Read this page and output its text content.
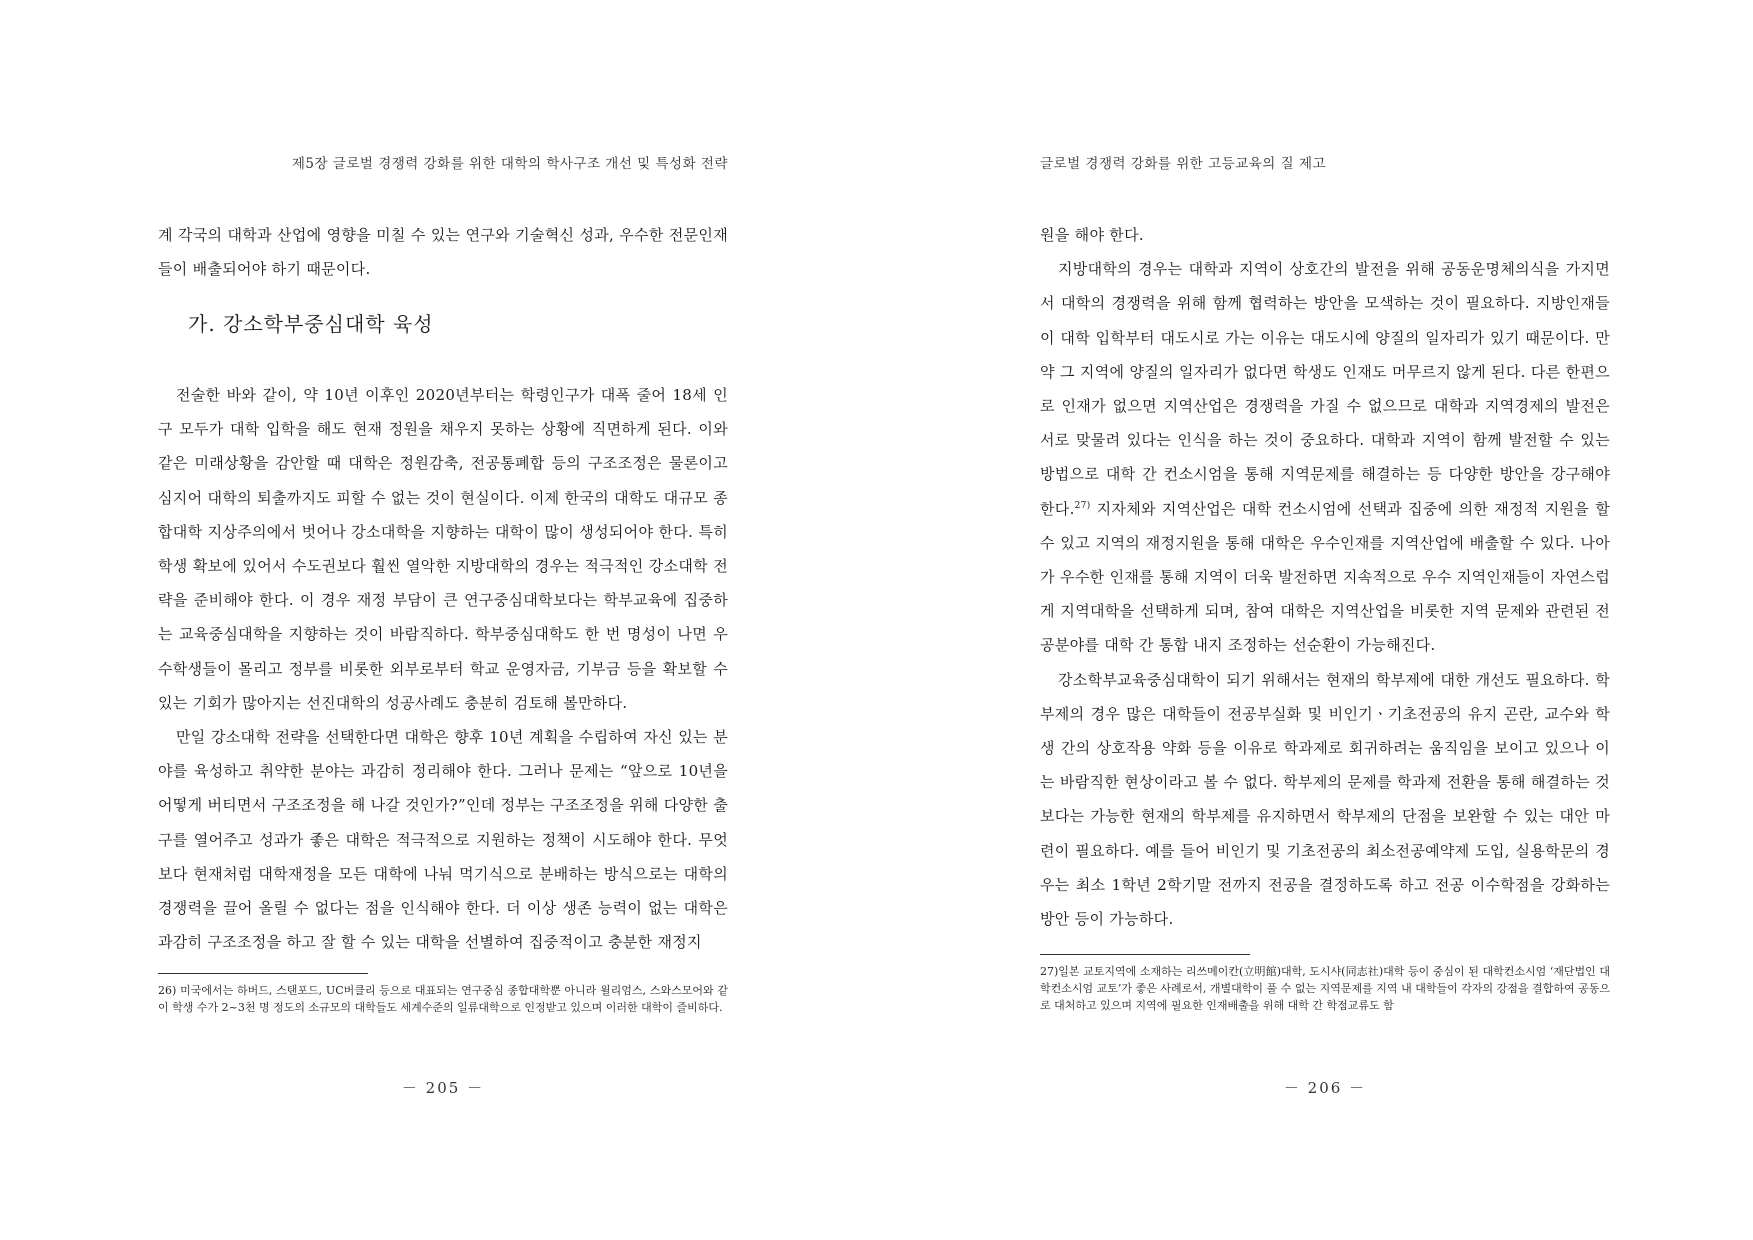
제5장 글로벌 경쟁력 강화를 위한 대학의 학사구조 개선 및 특성화 전략

계 각국의 대학과 산업에 영향을 미칠 수 있는 연구와 기술혁신 성과, 우수한 전문인재들이 배출되어야 하기 때문이다.

가. 강소학부중심대학 육성

전술한 바와 같이, 약 10년 이후인 2020년부터는 학령인구가 대폭 줄어 18세 인구 모두가 대학 입학을 해도 현재 정원을 채우지 못하는 상황에 직면하게 된다. 이와 같은 미래상황을 감안할 때 대학은 정원감축, 전공통폐합 등의 구조조정은 물론이고 심지어 대학의 퇴출까지도 피할 수 없는 것이 현실이다. 이제 한국의 대학도 대규모 종합대학 지상주의에서 벗어나 강소대학을 지향하는 대학이 많이 생성되어야 한다. 특히 학생 확보에 있어서 수도권보다 훨씬 열악한 지방대학의 경우는 적극적인 강소대학 전략을 준비해야 한다. 이 경우 재정 부담이 큰 연구중심대학보다는 학부교육에 집중하는 교육중심대학을 지향하는 것이 바람직하다. 학부중심대학도 한 번 명성이 나면 우수학생들이 몰리고 정부를 비롯한 외부로부터 학교 운영자금, 기부금 등을 확보할 수 있는 기회가 많아지는 선진대학의 성공사례도 충분히 검토해 볼만하다.

만일 강소대학 전략을 선택한다면 대학은 향후 10년 계획을 수립하여 자신 있는 분야를 육성하고 취약한 분야는 과감히 정리해야 한다. 그러나 문제는 “앞으로 10년을 어떻게 버티면서 구조조정을 해 나갈 것인가?”인데 정부는 구조조정을 위해 다양한 출구를 열어주고 성과가 좋은 대학은 적극적으로 지원하는 정책이 시도해야 한다. 무엇보다 현재처럼 대학재정을 모든 대학에 나눠 먹기식으로 분배하는 방식으로는 대학의 경쟁력을 끌어 올릴 수 없다는 점을 인식해야 한다. 더 이상 생존 능력이 없는 대학은 과감히 구조조정을 하고 잘 할 수 있는 대학을 선별하여 집중적이고 충분한 재정지

26) 미국에서는 하버드, 스탠포드, UC버클리 등으로 대표되는 연구중심 종합대학뿐 아니라 윌리엄스, 스와스모어와 같이 학생 수가 2~3천 명 정도의 소규모의 대학들도 세계수준의 일류대학으로 인정받고 있으며 이러한 대학이 즐비하다.

－ 205 －
글로벌 경쟁력 강화를 위한 고등교육의 질 제고

원을 해야 한다.

지방대학의 경우는 대학과 지역이 상호간의 발전을 위해 공동운명체의식을 가지면서 대학의 경쟁력을 위해 함께 협력하는 방안을 모색하는 것이 필요하다. 지방인재들이 대학 입학부터 대도시로 가는 이유는 대도시에 양질의 일자리가 있기 때문이다. 만약 그 지역에 양질의 일자리가 없다면 학생도 인재도 머무르지 않게 된다. 다른 한편으로 인재가 없으면 지역산업은 경쟁력을 가질 수 없으므로 대학과 지역경제의 발전은 서로 맞물려 있다는 인식을 하는 것이 중요하다. 대학과 지역이 함께 발전할 수 있는 방법으로 대학 간 컨소시엄을 통해 지역문제를 해결하는 등 다양한 방안을 강구해야 한다.$^{27)}$ 지자체와 지역산업은 대학 컨소시엄에 선택과 집중에 의한 재정적 지원을 할 수 있고 지역의 재정지원을 통해 대학은 우수인재를 지역산업에 배출할 수 있다. 나아가 우수한 인재를 통해 지역이 더욱 발전하면 지속적으로 우수 지역인재들이 자연스럽게 지역대학을 선택하게 되며, 참여 대학은 지역산업을 비롯한 지역 문제와 관련된 전공분야를 대학 간 통합 내지 조정하는 선순환이 가능해진다.

강소학부교육중심대학이 되기 위해서는 현재의 학부제에 대한 개선도 필요하다. 학부제의 경우 많은 대학들이 전공부실화 및 비인기ㆍ기초전공의 유지 곤란, 교수와 학생 간의 상호작용 약화 등을 이유로 학과제로 회귀하려는 움직임을 보이고 있으나 이는 바람직한 현상이라고 볼 수 없다. 학부제의 문제를 학과제 전환을 통해 해결하는 것보다는 가능한 현재의 학부제를 유지하면서 학부제의 단점을 보완할 수 있는 대안 마련이 필요하다. 예를 들어 비인기 및 기초전공의 최소전공예약제 도입, 실용학문의 경우는 최소 1학년 2학기말 전까지 전공을 결정하도록 하고 전공 이수학점을 강화하는 방안 등이 가능하다.

27)일본 교토지역에 소재하는 리쓰메이칸(立明館)대학, 도시샤(同志社)대학 등이 중심이 된 대학컨소시엄 ‘재단법인 대학컨소시엄 교토’가 좋은 사례로서, 개별대학이 풀 수 없는 지역문제를 지역 내 대학들이 각자의 강점을 결합하여 공동으로 대처하고 있으며 지역에 필요한 인재배출을 위해 대학 간 학점교류도 함

－ 206 －
